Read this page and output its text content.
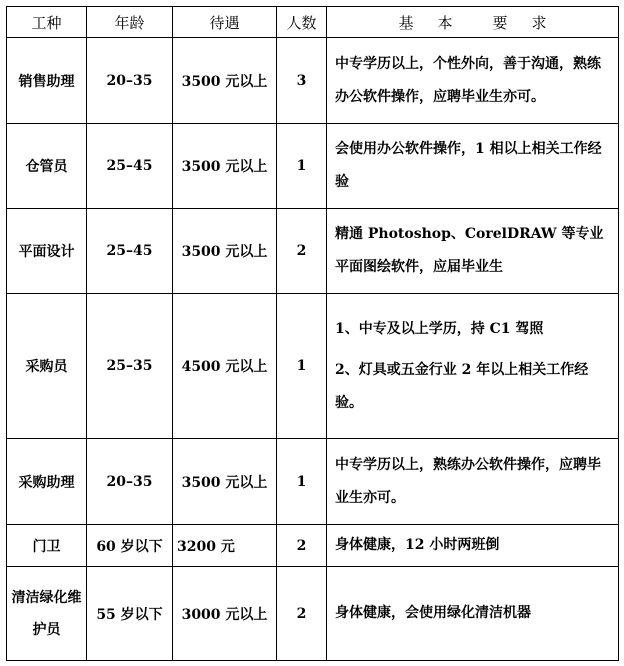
工种	年龄	待遇	人数	基 本 要 求
销售助理	20–35	3500 元以上	3	中专学历以上，个性外向，善于沟通，熟练办公软件操作，应聘毕业生亦可。

仓管员	25–45	3500 元以上	1	会使用办公软件操作，1 相以上相关工作经验

平面设计	25–45	3500 元以上	2	精通 Photoshop、CorelDRAW 等专业平面图绘软件，应届毕业生

采购员	25–35	4500 元以上	1	1、中专及以上学历，持 C1 驾照
2、灯具或五金行业 2 年以上相关工作经验。

采购助理	20–35	3500 元以上	1	中专学历以上，熟练办公软件操作，应聘毕业生亦可。

门卫	60 岁以下	3200 元	2	身体健康，12 小时两班倒

清洁绿化维护员	55 岁以下	3000 元以上	2	身体健康，会使用绿化清洁机器
